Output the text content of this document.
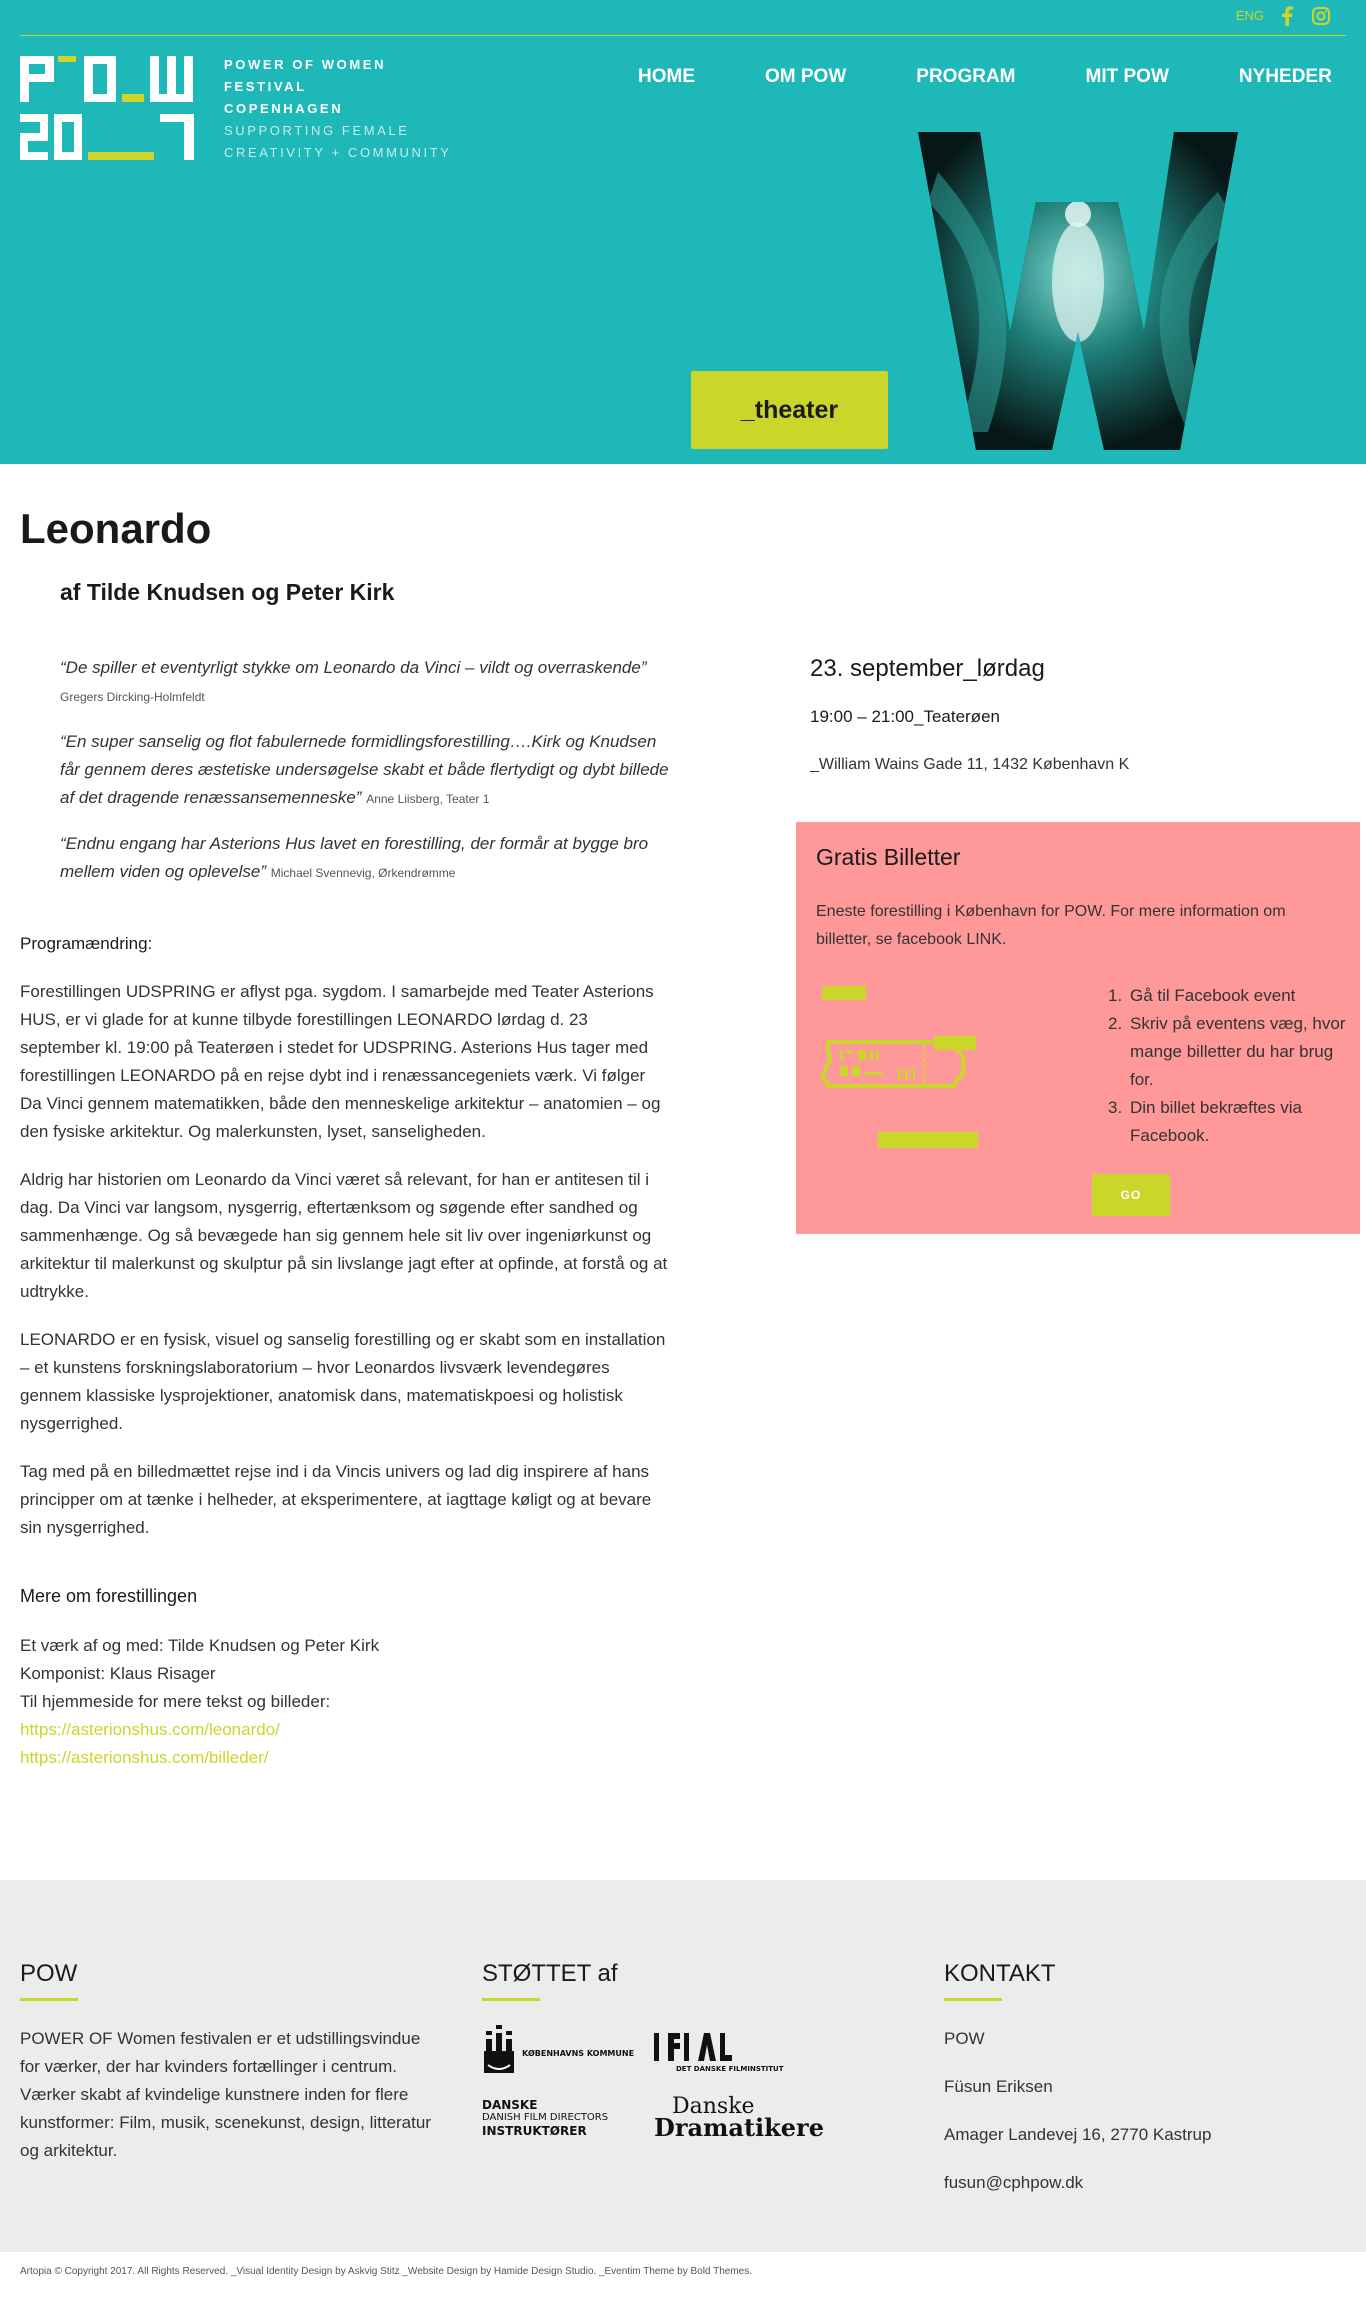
ENG
POWER OF WOMEN
FESTIVAL
COPENHAGEN
SUPPORTING FEMALE
CREATIVITY + COMMUNITY
HOME	OM POW	PROGRAM	MIT POW	NYHEDER
_theater
Leonardo
af Tilde Knudsen og Peter Kirk

“De spiller et eventyrligt stykke om Leonardo da Vinci – vildt og overraskende” Gregers Dircking-Holmfeldt

“En super sanselig og flot fabulernede formidlingsforestilling….Kirk og Knudsen får gennem deres æstetiske undersøgelse skabt et både flertydigt og dybt billede af det dragende renæssansemenneske” Anne Liisberg, Teater 1

“Endnu engang har Asterions Hus lavet en forestilling, der formår at bygge bro mellem viden og oplevelse” Michael Svennevig, Ørkendrømme

Programændring:

Forestillingen UDSPRING er aflyst pga. sygdom. I samarbejde med Teater Asterions HUS, er vi glade for at kunne tilbyde forestillingen LEONARDO lørdag d. 23 september kl. 19:00 på Teaterøen i stedet for UDSPRING. Asterions Hus tager med forestillingen LEONARDO på en rejse dybt ind i renæssancegeniets værk. Vi følger Da Vinci gennem matematikken, både den menneskelige arkitektur – anatomien – og den fysiske arkitektur. Og malerkunsten, lyset, sanseligheden.

Aldrig har historien om Leonardo da Vinci været så relevant, for han er antitesen til i dag. Da Vinci var langsom, nysgerrig, eftertænksom og søgende efter sandhed og sammenhænge. Og så bevægede han sig gennem hele sit liv over ingeniørkunst og arkitektur til malerkunst og skulptur på sin livslange jagt efter at opfinde, at forstå og at udtrykke.

LEONARDO er en fysisk, visuel og sanselig forestilling og er skabt som en installation – et kunstens forskningslaboratorium – hvor Leonardos livsværk levendegøres gennem klassiske lysprojektioner, anatomisk dans, matematiskpoesi og holistisk nysgerrighed.

Tag med på en billedmættet rejse ind i da Vincis univers og lad dig inspirere af hans principper om at tænke i helheder, at eksperimentere, at iagttage køligt og at bevare sin nysgerrighed.

Mere om forestillingen
Et værk af og med: Tilde Knudsen og Peter Kirk
Komponist: Klaus Risager
Til hjemmeside for mere tekst og billeder:
https://asterionshus.com/leonardo/
https://asterionshus.com/billeder/
23. september_lørdag
19:00 – 21:00_Teaterøen
_William Wains Gade 11, 1432 København K
Gratis Billetter

Eneste forestilling i København for POW. For mere information om billetter, se facebook LINK.

1. Gå til Facebook event
2. Skriv på eventens væg, hvor mange billetter du har brug for.
3. Din billet bekræftes via Facebook.
GO
POW

POWER OF Women festivalen er et udstillingsvindue for værker, der har kvinders fortællinger i centrum. Værker skabt af kvindelige kunstnere inden for flere kunstformer: Film, musik, scenekunst, design, litteratur og arkitektur.

STØTTET af
KØBENHAVNS KOMMUNE
DET DANSKE FILMINSTITUT
DANSKE
DANISH FILM DIRECTORS
INSTRUKTØRER
Danske
Dramatikere
KONTAKT
POW
Füsun Eriksen
Amager Landevej 16, 2770 Kastrup
fusun@cphpow.dk
Artopia © Copyright 2017. All Rights Reserved. _Visual Identity Design by Askvig Stitz _Website Design by Hamide Design Studio. _Eventim Theme by Bold Themes.
